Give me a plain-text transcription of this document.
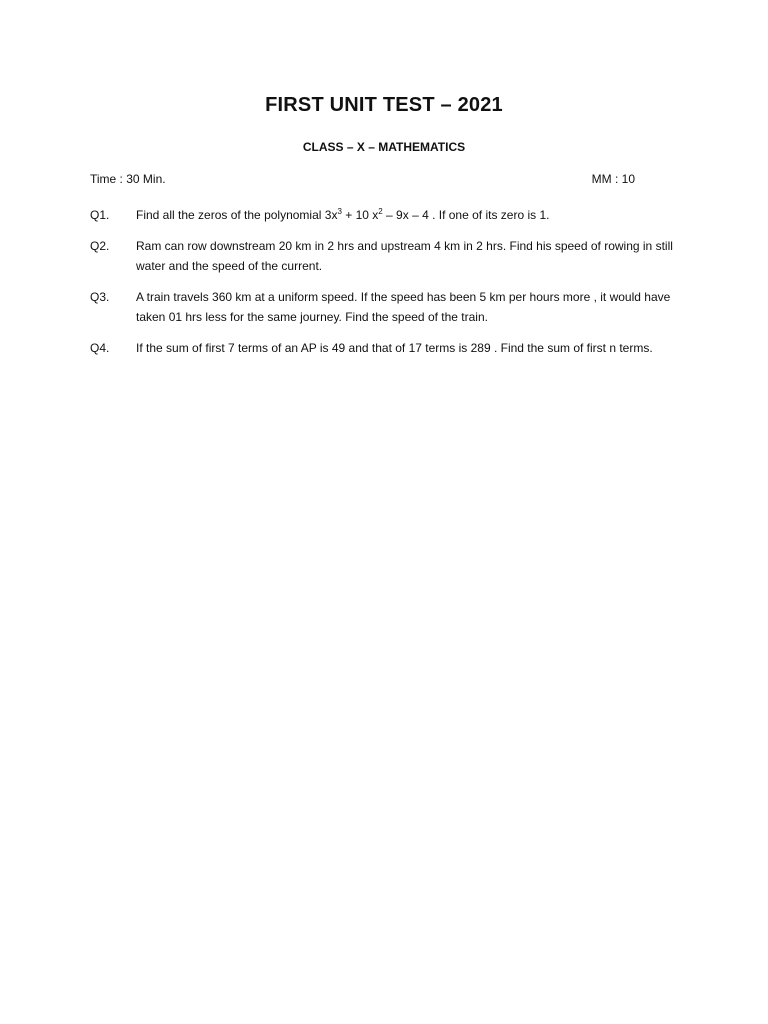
FIRST UNIT TEST – 2021
CLASS – X – MATHEMATICS
Time : 30 Min.	MM : 10
Q1.	Find all the zeros of the polynomial $3x^3 + 10$ $x^2 - 9x - 4$ . If one of its zero is 1.
Q2.	Ram can row downstream 20 km in 2 hrs and upstream 4 km in 2 hrs. Find his speed of rowing in still water and the speed of the current.
Q3.	A train travels 360 km at a uniform speed. If the speed has been 5 km per hours more , it would have taken 01 hrs less for the same journey. Find the speed of the train.
Q4.	If the sum of first 7 terms of an AP is 49 and that of 17 terms is 289 . Find the sum of first n terms.
